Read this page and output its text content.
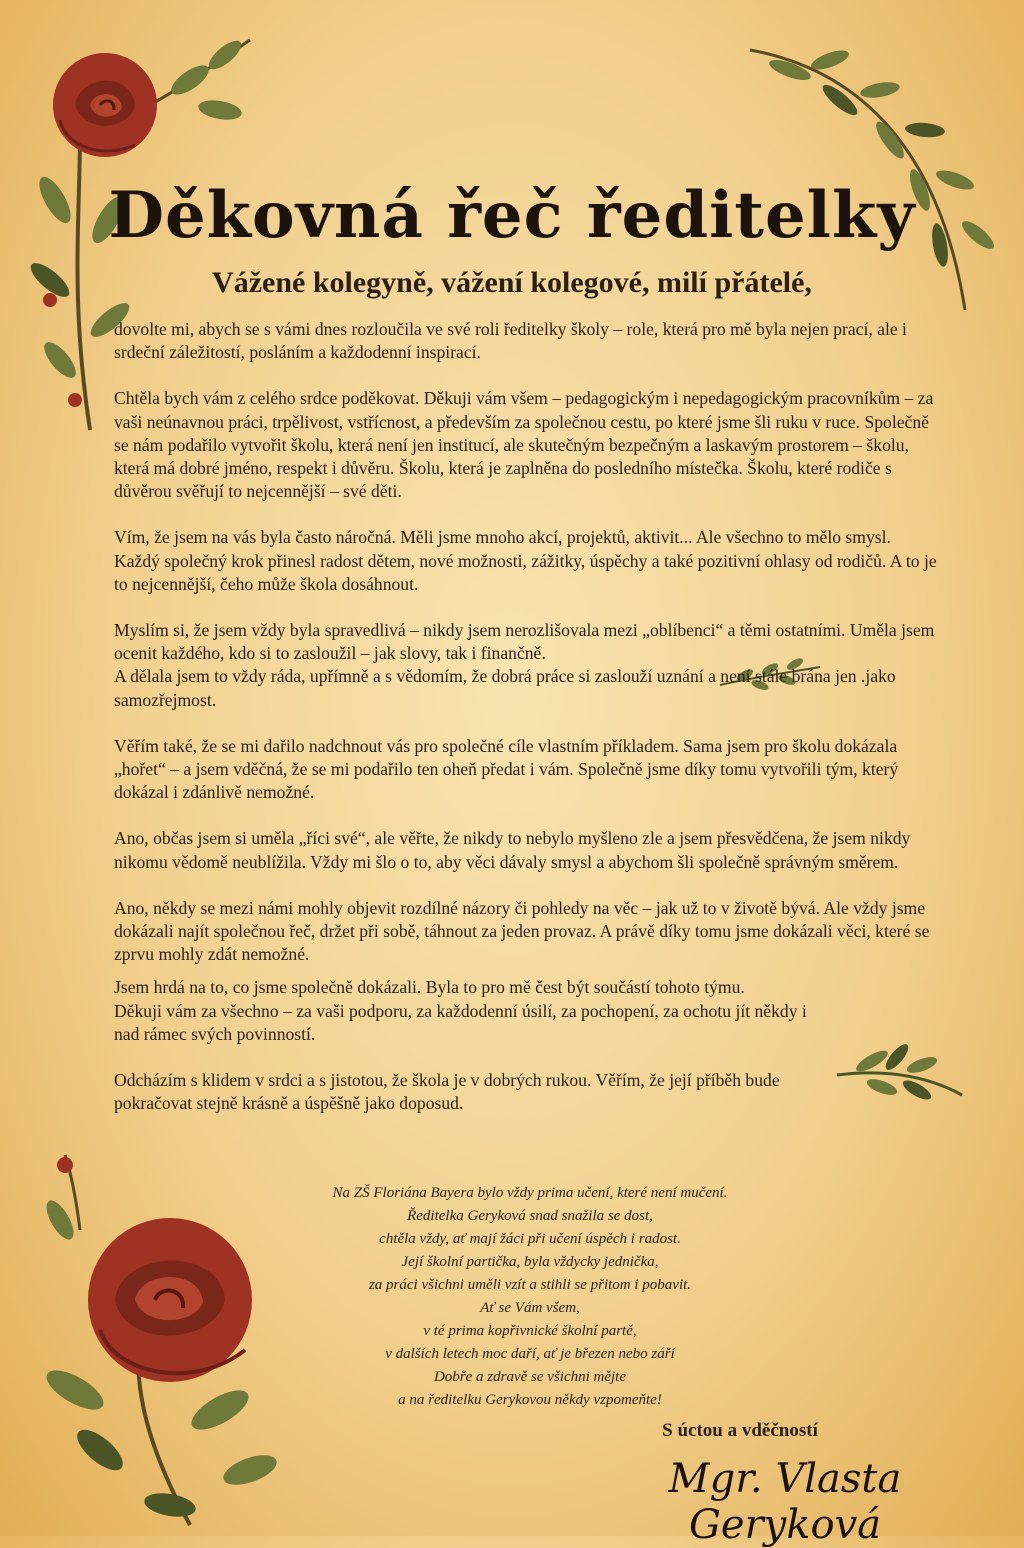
Děkovná řeč ředitelky
Vážené kolegyně, vážení kolegové, milí přátelé,

dovolte mi, abych se s vámi dnes rozloučila ve své roli ředitelky školy – role, která pro mě byla nejen prací, ale i srdeční záležitostí, posláním a každodenní inspirací.

Chtěla bych vám z celého srdce poděkovat. Děkuji vám všem – pedagogickým i nepedagogickým pracovníkům – za vaši neúnavnou práci, trpělivost, vstřícnost, a především za společnou cestu, po které jsme šli ruku v ruce. Společně se nám podařilo vytvořit školu, která není jen institucí, ale skutečným bezpečným a laskavým prostorem – školu, která má dobré jméno, respekt i důvěru. Školu, která je zaplněna do posledního místečka. Školu, které rodiče s důvěrou svěřují to nejcennější – své děti.

Vím, že jsem na vás byla často náročná. Měli jsme mnoho akcí, projektů, aktivit... Ale všechno to mělo smysl. Každý společný krok přinesl radost dětem, nové možnosti, zážitky, úspěchy a také pozitivní ohlasy od rodičů. A to je to nejcennější, čeho může škola dosáhnout.

Myslím si, že jsem vždy byla spravedlivá – nikdy jsem nerozlišovala mezi „oblíbenci“ a těmi ostatními. Uměla jsem ocenit každého, kdo si to zasloužil – jak slovy, tak i finančně.

A dělala jsem to vždy ráda, upřímně a s vědomím, že dobrá práce si zaslouží uznání a není stále brána jen .jako samozřejmost.

Věřím také, že se mi dařilo nadchnout vás pro společné cíle vlastním příkladem. Sama jsem pro školu dokázala „hořet“ – a jsem vděčná, že se mi podařilo ten oheň předat i vám. Společně jsme díky tomu vytvořili tým, který dokázal i zdánlivě nemožné.

Ano, občas jsem si uměla „říci své“, ale věřte, že nikdy to nebylo myšleno zle a jsem přesvědčena, že jsem nikdy nikomu vědomě neublížila. Vždy mi šlo o to, aby věci dávaly smysl a abychom šli společně správným směrem.

Ano, někdy se mezi námi mohly objevit rozdílné názory či pohledy na věc – jak už to v životě bývá. Ale vždy jsme dokázali najít společnou řeč, držet při sobě, táhnout za jeden provaz. A právě díky tomu jsme dokázali věci, které se zprvu mohly zdát nemožné.

Jsem hrdá na to, co jsme společně dokázali. Byla to pro mě čest být součástí tohoto týmu.

Děkuji vám za všechno – za vaši podporu, za každodenní úsilí, za pochopení, za ochotu jít někdy i nad rámec svých povinností.

Odcházím s klidem v srdci a s jistotou, že škola je v dobrých rukou. Věřím, že její příběh bude pokračovat stejně krásně a úspěšně jako doposud.

Na ZŠ Floriána Bayera bylo vždy prima učení, které není mučení.
Ředitelka Geryková snad snažila se dost,
chtěla vždy, ať mají žáci při učení úspěch i radost.
Její školní partička, byla vždycky jednička,
za práci všichni uměli vzít a stihli se přitom i pobavit.
Ať se Vám všem,
v té prima kopřivnické školní partě,
v dalších letech moc daří, ať je březen nebo září
Dobře a zdravě se všichni mějte
a na ředitelku Gerykovou někdy vzpomeňte!
S úctou a vděčností
Mgr. Vlasta Geryková
